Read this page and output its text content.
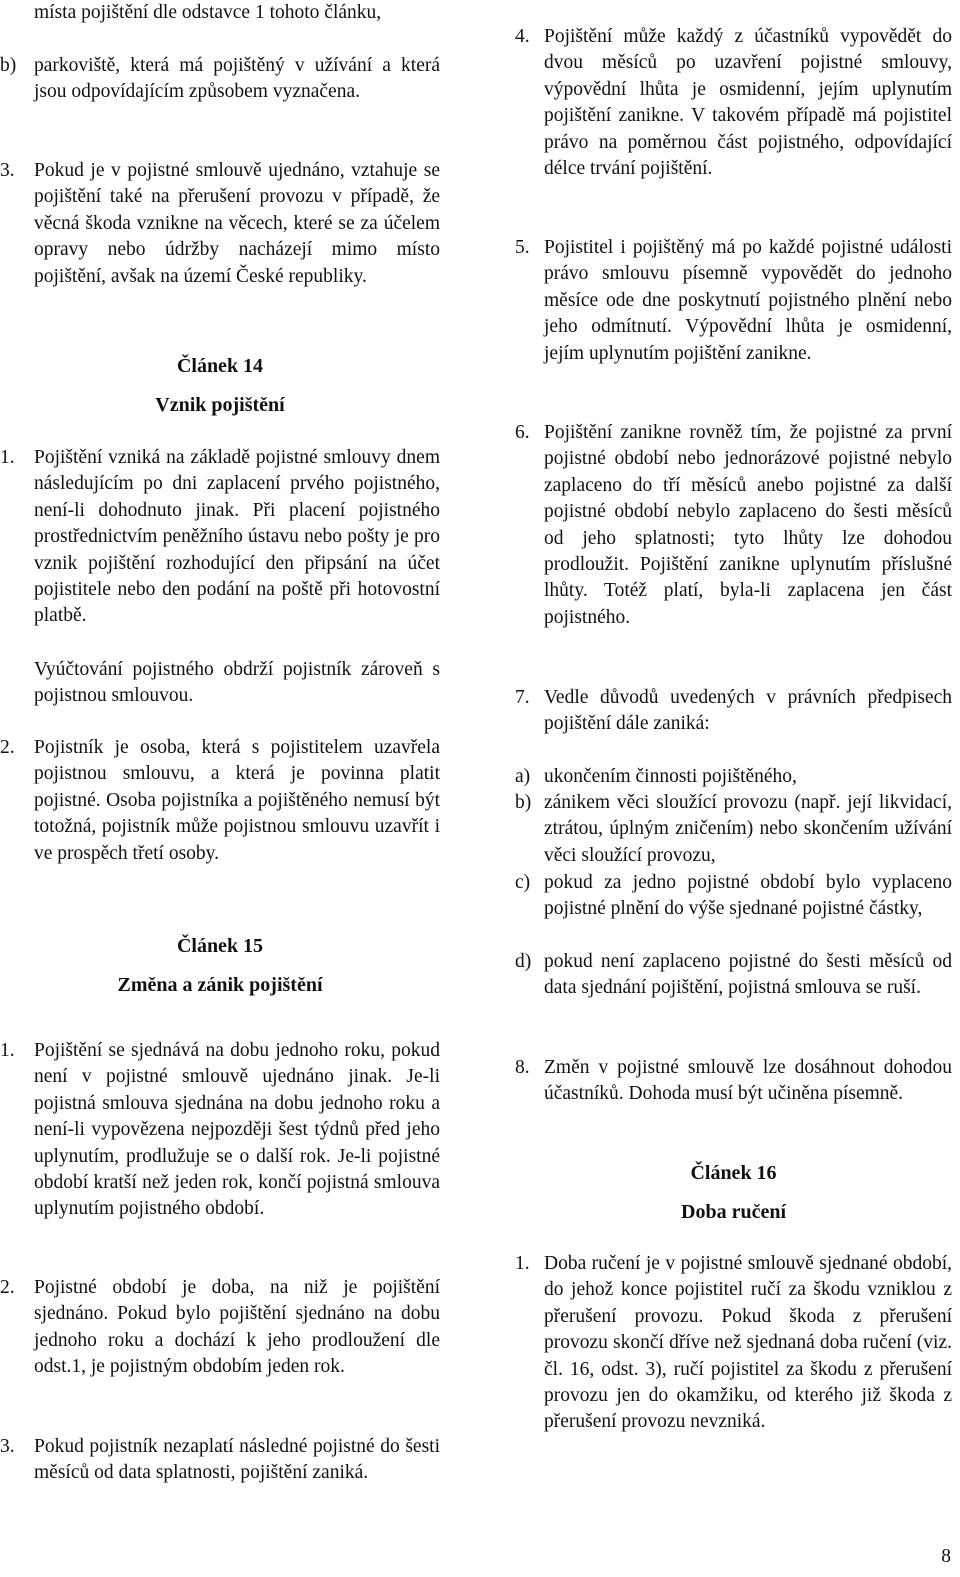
místa pojištění dle odstavce 1 tohoto článku,
b) parkoviště, která má pojištěný v užívání a která jsou odpovídajícím způsobem vyznačena.
3. Pokud je v pojistné smlouvě ujednáno, vztahuje se pojištění také na přerušení provozu v případě, že věcná škoda vznikne na věcech, které se za účelem opravy nebo údržby nacházejí mimo místo pojištění, avšak na území České republiky.
Článek 14
Vznik pojištění
1. Pojištění vzniká na základě pojistné smlouvy dnem následujícím po dni zaplacení prvého pojistného, není-li dohodnuto jinak. Při placení pojistného prostřednictvím peněžního ústavu nebo pošty je pro vznik pojištění rozhodující den připsání na účet pojistitele nebo den podání na poště při hotovostní platbě.
Vyúčtování pojistného obdrží pojistník zároveň s pojistnou smlouvou.
2. Pojistník je osoba, která s pojistitelem uzavřela pojistnou smlouvu, a která je povinna platit pojistné. Osoba pojistníka a pojištěného nemusí být totožná, pojistník může pojistnou smlouvu uzavřít i ve prospěch třetí osoby.
Článek 15
Změna a zánik pojištění
1. Pojištění se sjednává na dobu jednoho roku, pokud není v pojistné smlouvě ujednáno jinak. Je-li pojistná smlouva sjednána na dobu jednoho roku a není-li vypovězena nejpozději šest týdnů před jeho uplynutím, prodlužuje se o další rok. Je-li pojistné období kratší než jeden rok, končí pojistná smlouva uplynutím pojistného období.
2. Pojistné období je doba, na niž je pojištění sjednáno. Pokud bylo pojištění sjednáno na dobu jednoho roku a dochází k jeho prodloužení dle odst.1, je pojistným obdobím jeden rok.
3. Pokud pojistník nezaplatí následné pojistné do šesti měsíců od data splatnosti, pojištění zaniká.
4. Pojištění může každý z účastníků vypovědět do dvou měsíců po uzavření pojistné smlouvy, výpovědní lhůta je osmidenní, jejím uplynutím pojištění zanikne. V takovém případě má pojistitel právo na poměrnou část pojistného, odpovídající délce trvání pojištění.
5. Pojistitel i pojištěný má po každé pojistné události právo smlouvu písemně vypovědět do jednoho měsíce ode dne poskytnutí pojistného plnění nebo jeho odmítnutí. Výpovědní lhůta je osmidenní, jejím uplynutím pojištění zanikne.
6. Pojištění zanikne rovněž tím, že pojistné za první pojistné období nebo jednorázové pojistné nebylo zaplaceno do tří měsíců anebo pojistné za další pojistné období nebylo zaplaceno do šesti měsíců od jeho splatnosti; tyto lhůty lze dohodou prodloužit. Pojištění zanikne uplynutím příslušné lhůty. Totéž platí, byla-li zaplacena jen část pojistného.
7. Vedle důvodů uvedených v právních předpisech pojištění dále zaniká:
a) ukončením činnosti pojištěného,
b) zánikem věci sloužící provozu (např. její likvidací, ztrátou, úplným zničením) nebo skončením užívání věci sloužící provozu,
c) pokud za jedno pojistné období bylo vyplaceno pojistné plnění do výše sjednané pojistné částky,
d) pokud není zaplaceno pojistné do šesti měsíců od data sjednání pojištění, pojistná smlouva se ruší.
8. Změn v pojistné smlouvě lze dosáhnout dohodou účastníků. Dohoda musí být učiněna písemně.
Článek 16
Doba ručení
1. Doba ručení je v pojistné smlouvě sjednané období, do jehož konce pojistitel ručí za škodu vzniklou z přerušení provozu. Pokud škoda z přerušení provozu skončí dříve než sjednaná doba ručení (viz. čl. 16, odst. 3), ručí pojistitel za škodu z přerušení provozu jen do okamžiku, od kterého již škoda z přerušení provozu nevzniká.
8
